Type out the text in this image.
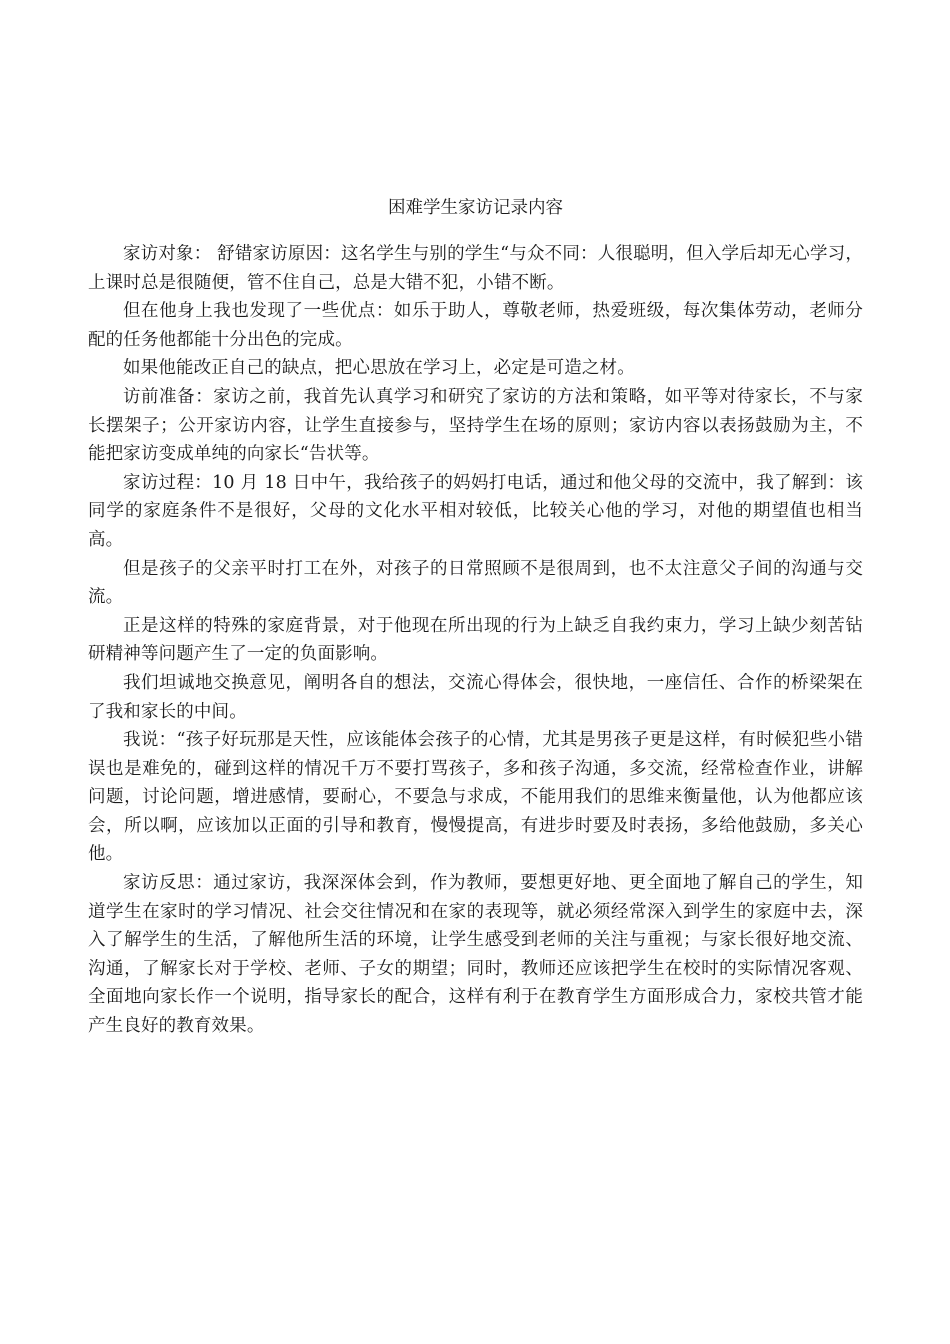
困难学生家访记录内容

家访对象： 舒错家访原因：这名学生与别的学生“与众不同：人很聪明，但入学后却无心学习，上课时总是很随便，管不住自己，总是大错不犯，小错不断。

但在他身上我也发现了一些优点：如乐于助人，尊敬老师，热爱班级，每次集体劳动，老师分配的任务他都能十分出色的完成。

如果他能改正自己的缺点，把心思放在学习上，必定是可造之材。

访前准备：家访之前，我首先认真学习和研究了家访的方法和策略，如平等对待家长，不与家长摆架子；公开家访内容，让学生直接参与，坚持学生在场的原则；家访内容以表扬鼓励为主，不能把家访变成单纯的向家长“告状等。

家访过程：10 月 18 日中午，我给孩子的妈妈打电话，通过和他父母的交流中，我了解到：该同学的家庭条件不是很好，父母的文化水平相对较低，比较关心他的学习，对他的期望值也相当高。

但是孩子的父亲平时打工在外，对孩子的日常照顾不是很周到，也不太注意父子间的沟通与交流。

正是这样的特殊的家庭背景，对于他现在所出现的行为上缺乏自我约束力，学习上缺少刻苦钻研精神等问题产生了一定的负面影响。

我们坦诚地交换意见，阐明各自的想法，交流心得体会，很快地，一座信任、合作的桥梁架在了我和家长的中间。

我说：“孩子好玩那是天性，应该能体会孩子的心情，尤其是男孩子更是这样，有时候犯些小错误也是难免的，碰到这样的情况千万不要打骂孩子，多和孩子沟通，多交流，经常检查作业，讲解问题，讨论问题，增进感情，要耐心，不要急与求成，不能用我们的思维来衡量他，认为他都应该会，所以啊，应该加以正面的引导和教育，慢慢提高，有进步时要及时表扬，多给他鼓励，多关心他。

家访反思：通过家访，我深深体会到，作为教师，要想更好地、更全面地了解自己的学生，知道学生在家时的学习情况、社会交往情况和在家的表现等，就必须经常深入到学生的家庭中去，深入了解学生的生活，了解他所生活的环境，让学生感受到老师的关注与重视；与家长很好地交流、沟通，了解家长对于学校、老师、子女的期望；同时，教师还应该把学生在校时的实际情况客观、全面地向家长作一个说明，指导家长的配合，这样有利于在教育学生方面形成合力，家校共管才能产生良好的教育效果。
